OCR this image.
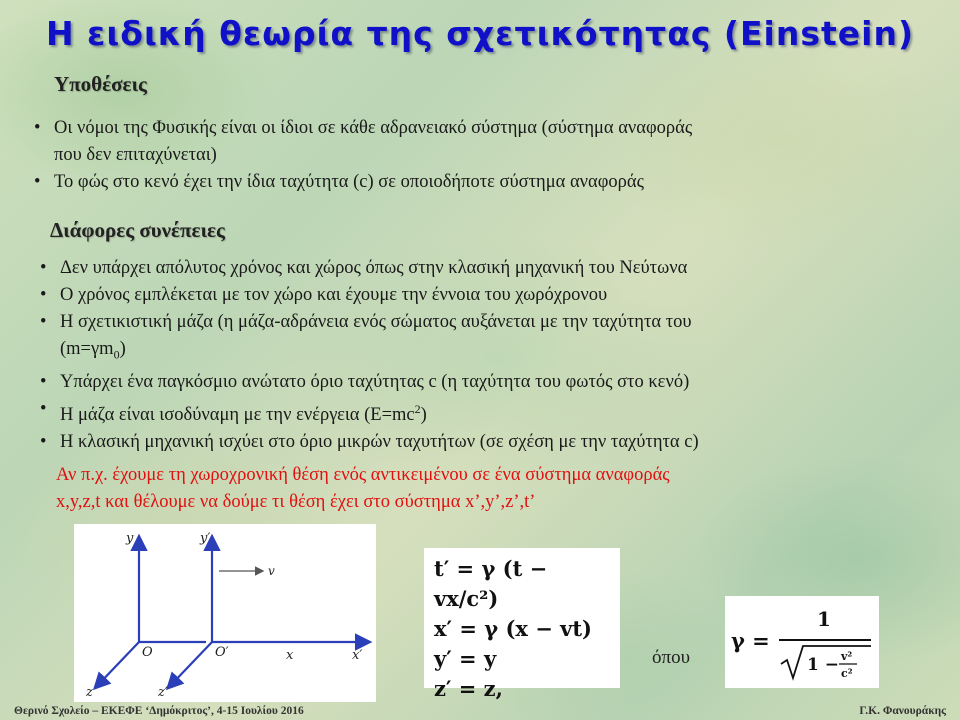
Η ειδική θεωρία της σχετικότητας (Einstein)
Υποθέσεις
• Οι νόμοι της Φυσικής είναι οι ίδιοι σε κάθε αδρανειακό σύστημα (σύστημα αναφοράς
που δεν επιταχύνεται)
• Το φώς στο κενό έχει την ίδια ταχύτητα (c) σε οποιοδήποτε σύστημα αναφοράς
Διάφορες συνέπειες
• Δεν υπάρχει απόλυτος χρόνος και χώρος όπως στην κλασική μηχανική του Νεύτωνα
• Ο χρόνος εμπλέκεται με τον χώρο και έχουμε την έννοια του χωρόχρονου
• Η σχετικιστική μάζα (η μάζα-αδράνεια ενός σώματος αυξάνεται με την ταχύτητα του
$(m=\gamma m_0)$
• Υπάρχει ένα παγκόσμιο ανώτατο όριο ταχύτητας c (η ταχύτητα του φωτός στο κενό)
• Η μάζα είναι ισοδύναμη με την ενέργεια $(E=mc^2)$
• Η κλασική μηχανική ισχύει στο όριο μικρών ταχυτήτων (σε σχέση με την ταχύτητα c)
Αν π.χ. έχουμε τη χωροχρονική θέση ενός αντικειμένου σε ένα σύστημα αναφοράς
x,y,z,t και θέλουμε να δούμε τι θέση έχει στο σύστημα x’,y’,z’,t’
y
x
z
O
y′
x′
z′
O′
v	t′ = γ (t − vx/c²)
x′ = γ (x − vt)
y′ = y
z′ = z,
όπου
γ =
1
1 − v²
c²
Θερινό Σχολείο – ΕΚΕΦΕ ‘Δημόκριτος’, 4-15 Ιουλίου 2016	Γ.Κ. Φανουράκης
